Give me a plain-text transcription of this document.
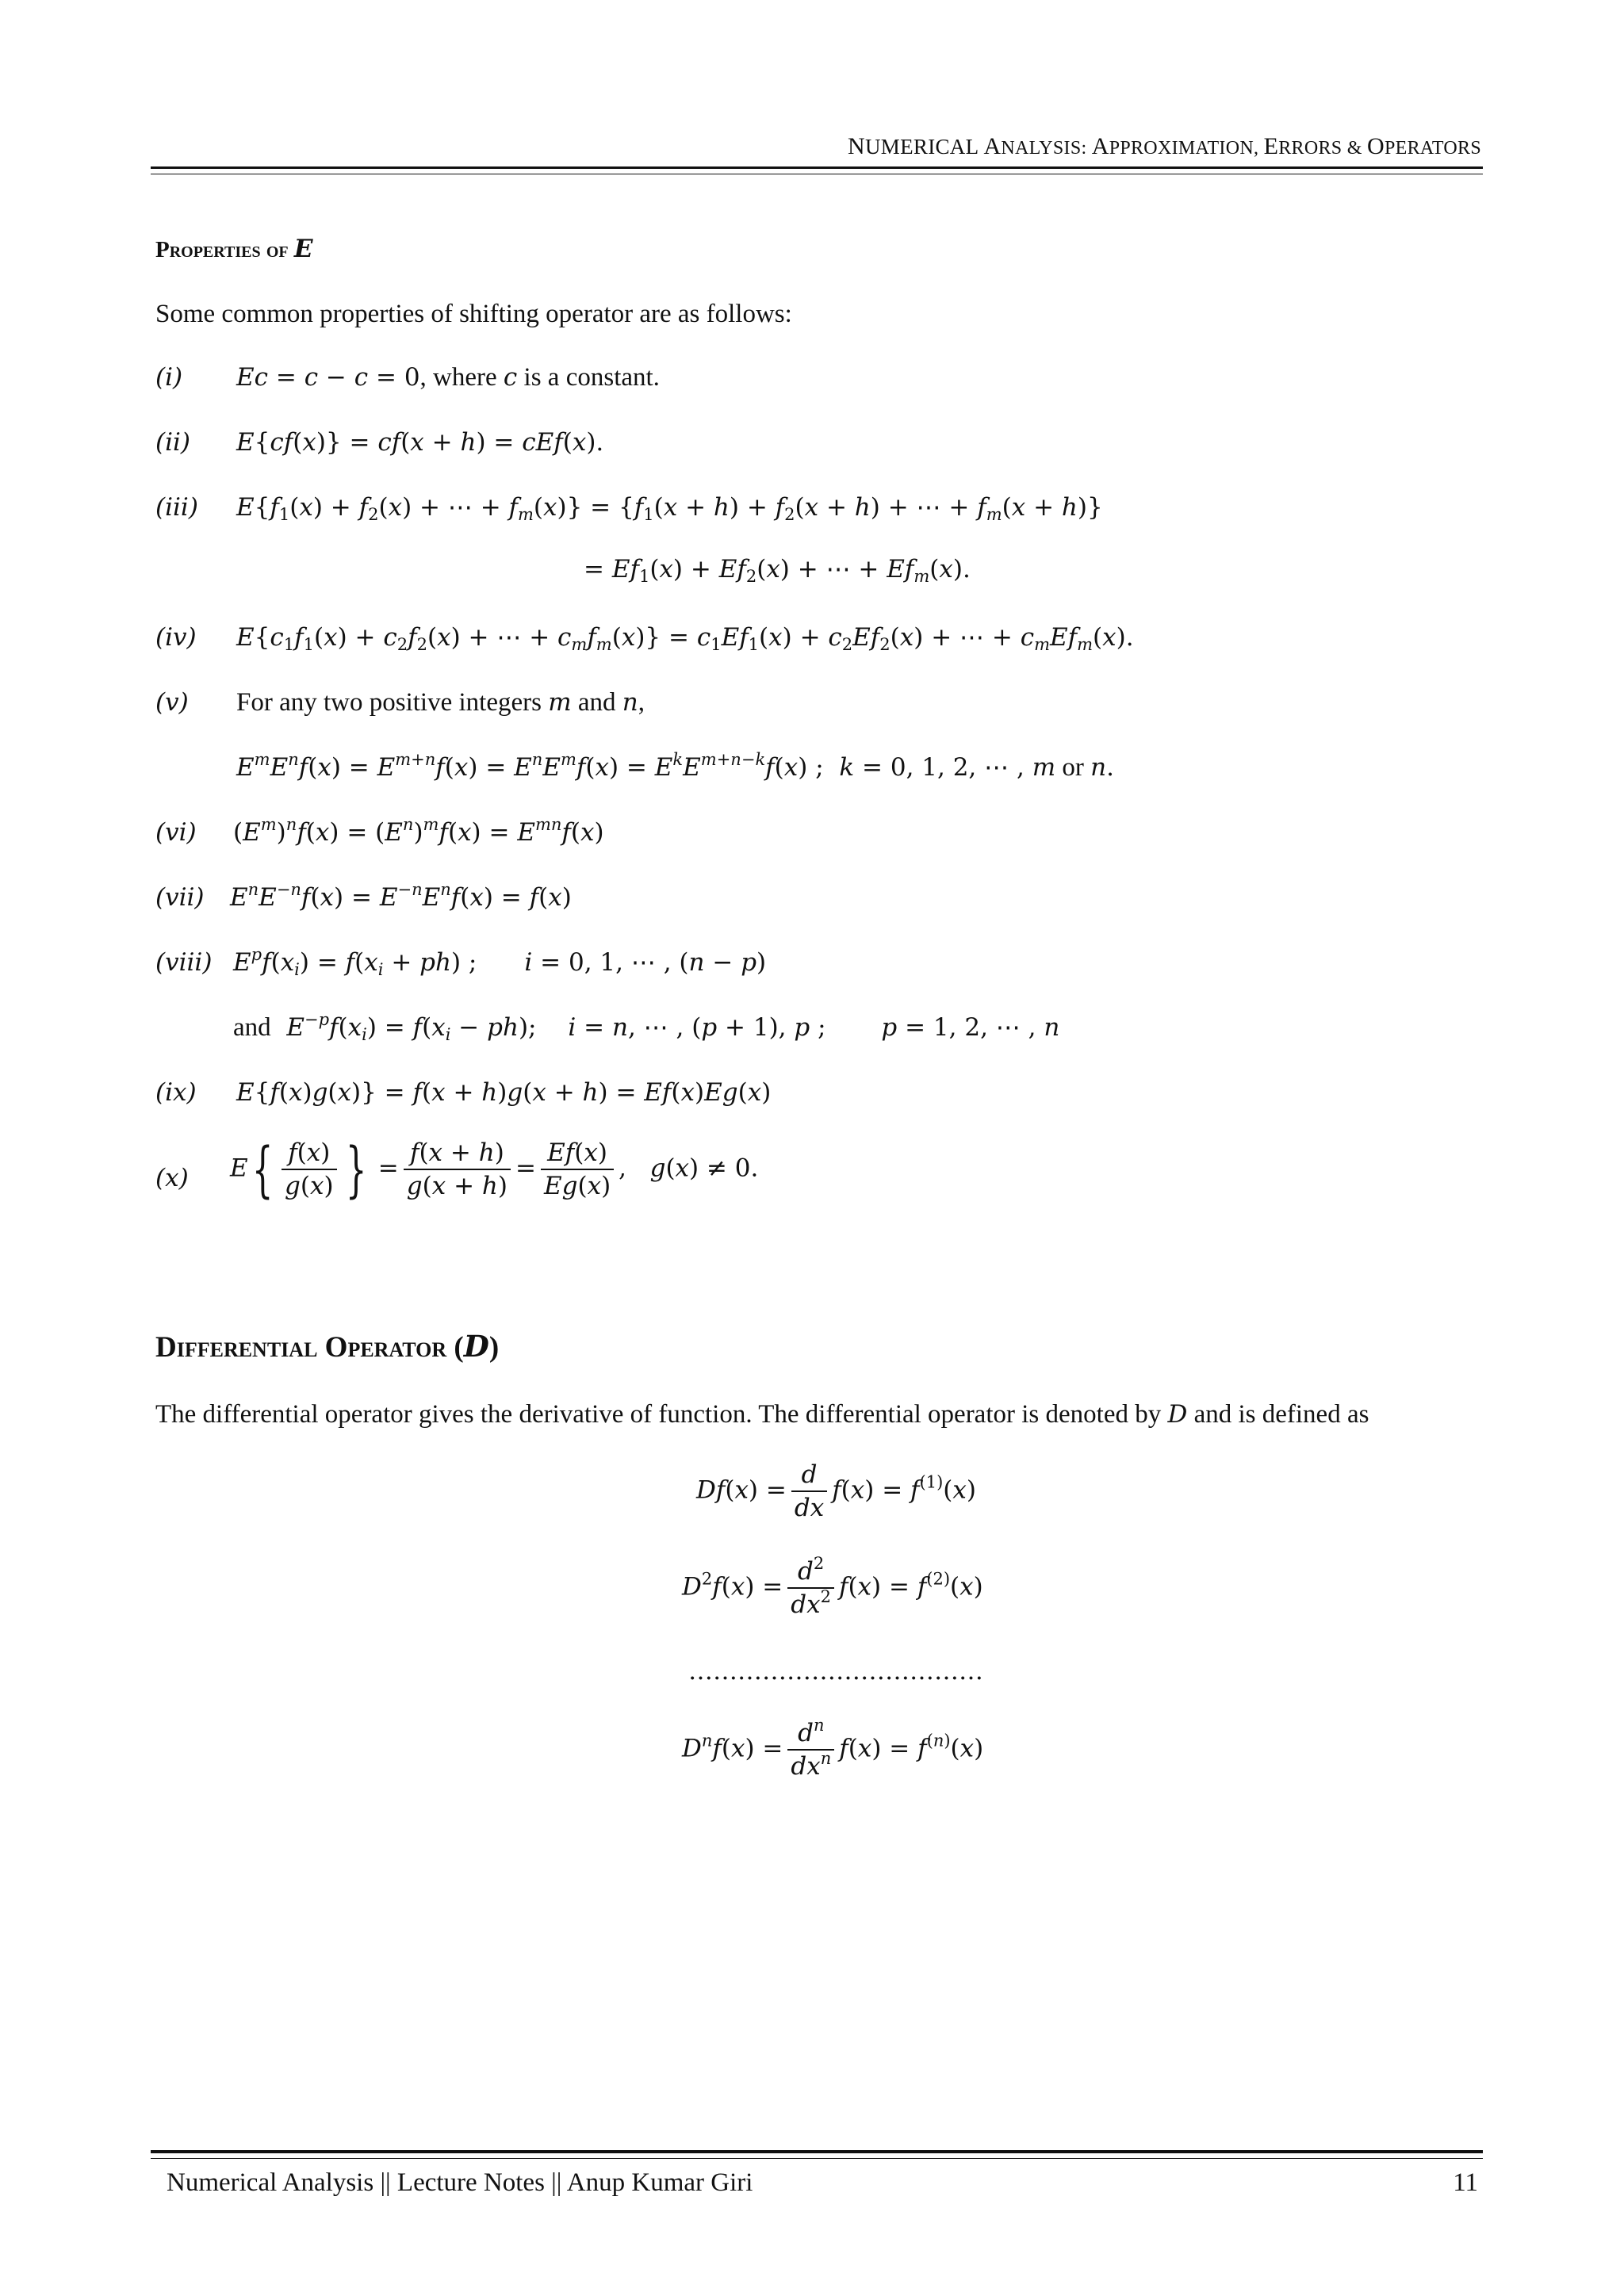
NUMERICAL ANALYSIS: APPROXIMATION, ERRORS & OPERATORS
Properties of E
Some common properties of shifting operator are as follows:
(i) Ec = c − c = 0, where c is a constant.
(ii) E{cf(x)} = cf(x + h) = cEf(x).
(iii) $E\{f_1(x) + f_2(x)$ + ⋯ + $f_m(x)\} = \{f_1(x + h) + f_2(x + h)$ + ⋯ + $f_m(x + h)$}
= $Ef_1(x) + Ef_2(x)$ + ⋯ + $Ef_m(x)$.
(iv) $E\{c_1f_1(x) + c_2f_2(x)$ + ⋯ + $c_mf_m(x)\} = c_1Ef_1(x) + c_2Ef_2(x)$ + ⋯ + $c_mEf_m(x)$.
(v) For any two positive integers m and n,
$E^mE^nf(x) = E^{m+n}f(x) = E^nE^mf(x) = E^kE^{m+n-k}f(x)$ ;  k = 0, 1, 2, ⋯ , m or n.
(vi) $(E^m)^nf(x) = (E^n)^mf(x) = E^{mn}f(x)$
(vii) $E^nE^{-n}f(x) = E^{-n}E^nf(x) = f(x)$
(viii) $E^pf(x_i) = f(x_i + ph)$ ; i = 0, 1, ⋯ , (n − p)
and  $E^{-p}f(x_i) = f(x_i - ph)$; i = n, ⋯ , (p + 1), p ; p = 1, 2, ⋯ , n
(ix) E{f(x)g(x)} = f(x + h)g(x + h) = Ef(x)Eg(x)
(x) $E\{ \frac{f(x)}{g(x)}$ } = $\frac{f(x + h)}{g(x + h)} = \frac{Ef(x)}{Eg(x)}$ ,   g(x) ≠ 0.
Differential Operator (D)
The differential operator gives the derivative of function. The differential operator is denoted by D and is defined as
$Df(x) = \frac{d}{dx} f(x) = f^{(1)}(x)$
$D^2f(x) = \frac{d^2}{dx^2} f(x) = f^{(2)}(x)$
………………………………
$D^nf(x) = \frac{d^n}{dx^n} f(x) = f^{(n)}(x)$
Numerical Analysis || Lecture Notes || Anup Kumar Giri	11
